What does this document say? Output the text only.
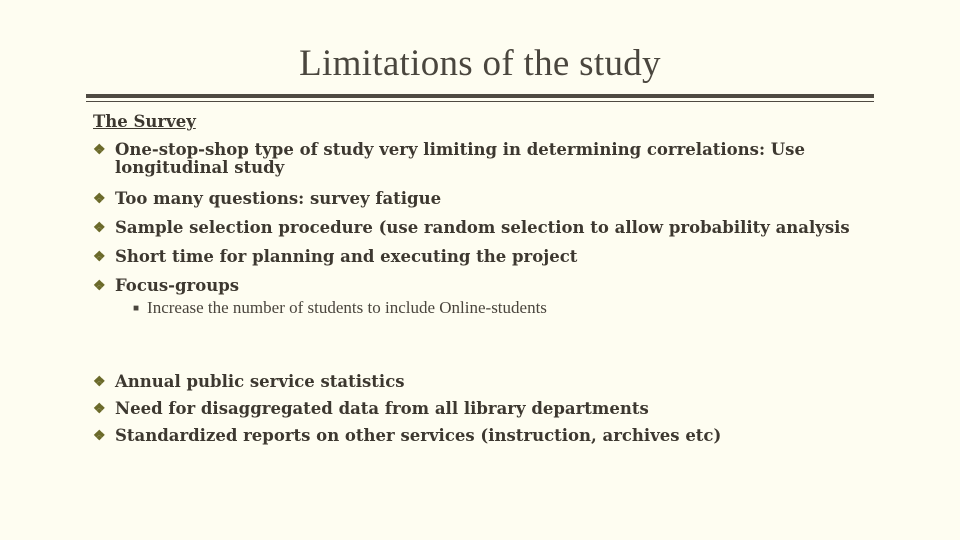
Limitations of the study
The Survey
❖ One-stop-shop type of study very limiting in determining correlations: Use longitudinal study
❖ Too many questions: survey fatigue
❖ Sample selection procedure (use random selection to allow probability analysis
❖ Short time for planning and executing the project
❖ Focus-groups
■ Increase the number of students to include Online-students
❖ Annual public service statistics
❖ Need for disaggregated data from all library departments
❖ Standardized reports on other services (instruction, archives etc)
